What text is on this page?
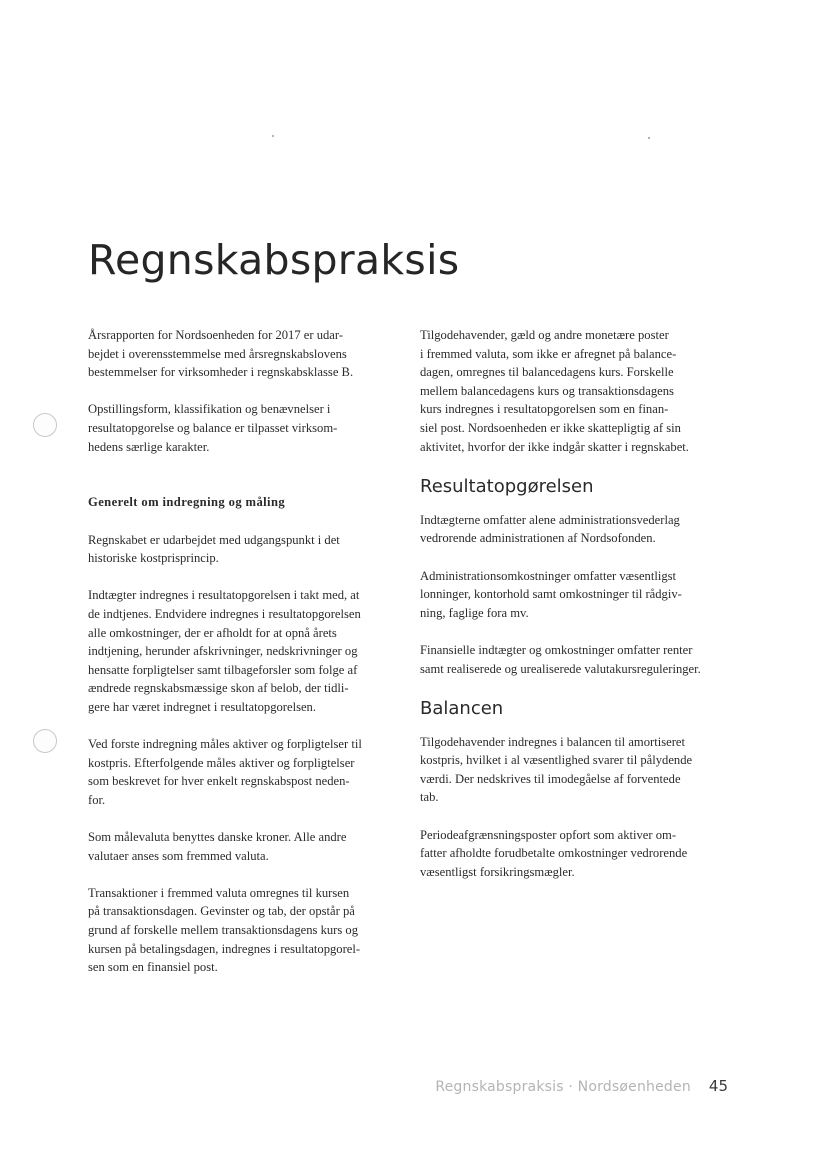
Regnskabspraksis

Årsrapporten for Nordsoenheden for 2017 er udar-
bejdet i overensstemmelse med årsregnskabslovens
bestemmelser for virksomheder i regnskabsklasse B.

Opstillingsform, klassifikation og benævnelser i
resultatopgorelse og balance er tilpasset virksom-
hedens særlige karakter.

Generelt om indregning og måling

Regnskabet er udarbejdet med udgangspunkt i det
historiske kostprisprincip.

Indtægter indregnes i resultatopgorelsen i takt med, at
de indtjenes. Endvidere indregnes i resultatopgorelsen
alle omkostninger, der er afholdt for at opnå årets
indtjening, herunder afskrivninger, nedskrivninger og
hensatte forpligtelser samt tilbageforsler som folge af
ændrede regnskabsmæssige skon af belob, der tidli-
gere har været indregnet i resultatopgorelsen.

Ved forste indregning måles aktiver og forpligtelser til
kostpris. Efterfolgende måles aktiver og forpligtelser
som beskrevet for hver enkelt regnskabspost neden-
for.

Som målevaluta benyttes danske kroner. Alle andre
valutaer anses som fremmed valuta.

Transaktioner i fremmed valuta omregnes til kursen
på transaktionsdagen. Gevinster og tab, der opstår på
grund af forskelle mellem transaktionsdagens kurs og
kursen på betalingsdagen, indregnes i resultatopgorel-
sen som en finansiel post.

Tilgodehavender, gæld og andre monetære poster
i fremmed valuta, som ikke er afregnet på balance-
dagen, omregnes til balancedagens kurs. Forskelle
mellem balancedagens kurs og transaktionsdagens
kurs indregnes i resultatopgorelsen som en finan-
siel post. Nordsoenheden er ikke skattepligtig af sin
aktivitet, hvorfor der ikke indgår skatter i regnskabet.

Resultatopgørelsen

Indtægterne omfatter alene administrationsvederlag
vedrorende administrationen af Nordsofonden.

Administrationsomkostninger omfatter væsentligst
lonninger, kontorhold samt omkostninger til rådgiv-
ning, faglige fora mv.

Finansielle indtægter og omkostninger omfatter renter
samt realiserede og urealiserede valutakursreguleringer.

Balancen

Tilgodehavender indregnes i balancen til amortiseret
kostpris, hvilket i al væsentlighed svarer til pålydende
værdi. Der nedskrives til imodegåelse af forventede
tab.

Periodeafgrænsningsposter opfort som aktiver om-
fatter afholdte forudbetalte omkostninger vedrorende
væsentligst forsikringsmægler.

Regnskabspraksis · Nordsøenheden 45
